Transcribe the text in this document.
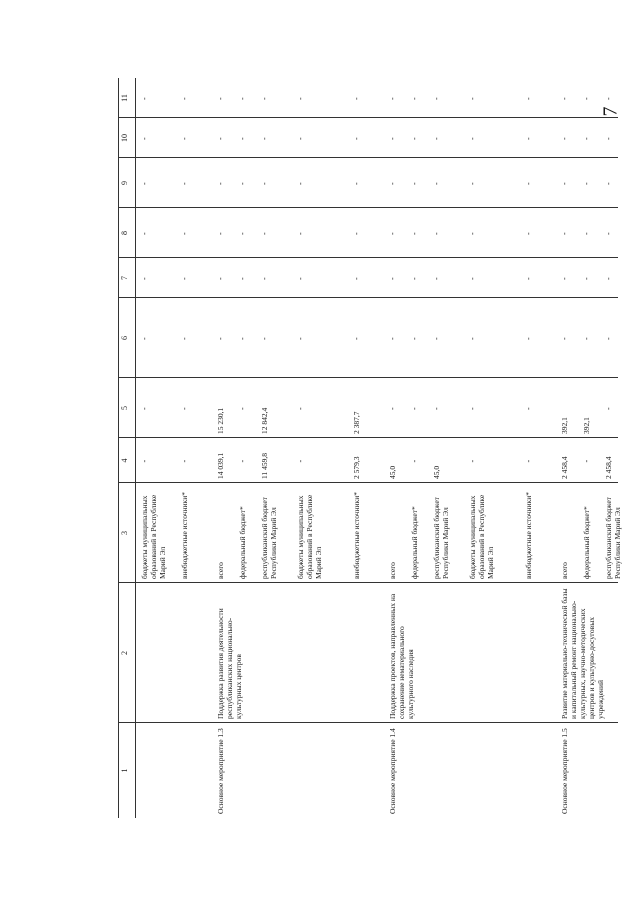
7
1
2
3
4
5
6
7
8
9
10
11
бюджеты муниципальных образований в Республике Марий Эл
-
-
-
-
-
-
-
-
внебюджетные источники*
-
-
-
-
-
-
-
-
Основное мероприятие 1.3
Поддержка развития деятельности республиканских национально-культурных центров
всего
14 039,1
15 230,1
-
-
-
-
-
-
федеральный бюджет*
-
-
-
-
-
-
-
-
республиканский бюджет Республики Марий Эл
11 459,8
12 842,4
-
-
-
-
-
-
бюджеты муниципальных образований в Республике Марий Эл
-
-
-
-
-
-
-
-
внебюджетные источники*
2 579,3
2 387,7
-
-
-
-
-
-
Основное мероприятие 1.4
Поддержка проектов, направленных на сохранение нематериального культурного наследия
всего
45,0
-
-
-
-
-
-
-
федеральный бюджет*
-
-
-
-
-
-
-
-
республиканский бюджет Республики Марий Эл
45,0
-
-
-
-
-
-
-
бюджеты муниципальных образований в Республике Марий Эл
-
-
-
-
-
-
-
-
внебюджетные источники*
-
-
-
-
-
-
-
-
Основное мероприятие 1.5
Развитие материально-технической базы и капитальный ремонт национально-культурных, научно-методических центров и культурно-досуговых учреждений
всего
2 458,4
392,1
-
-
-
-
-
-
федеральный бюджет*
-
392,1
-
-
-
-
-
-
республиканский бюджет Республики Марий Эл
2 458,4
-
-
-
-
-
-
-
